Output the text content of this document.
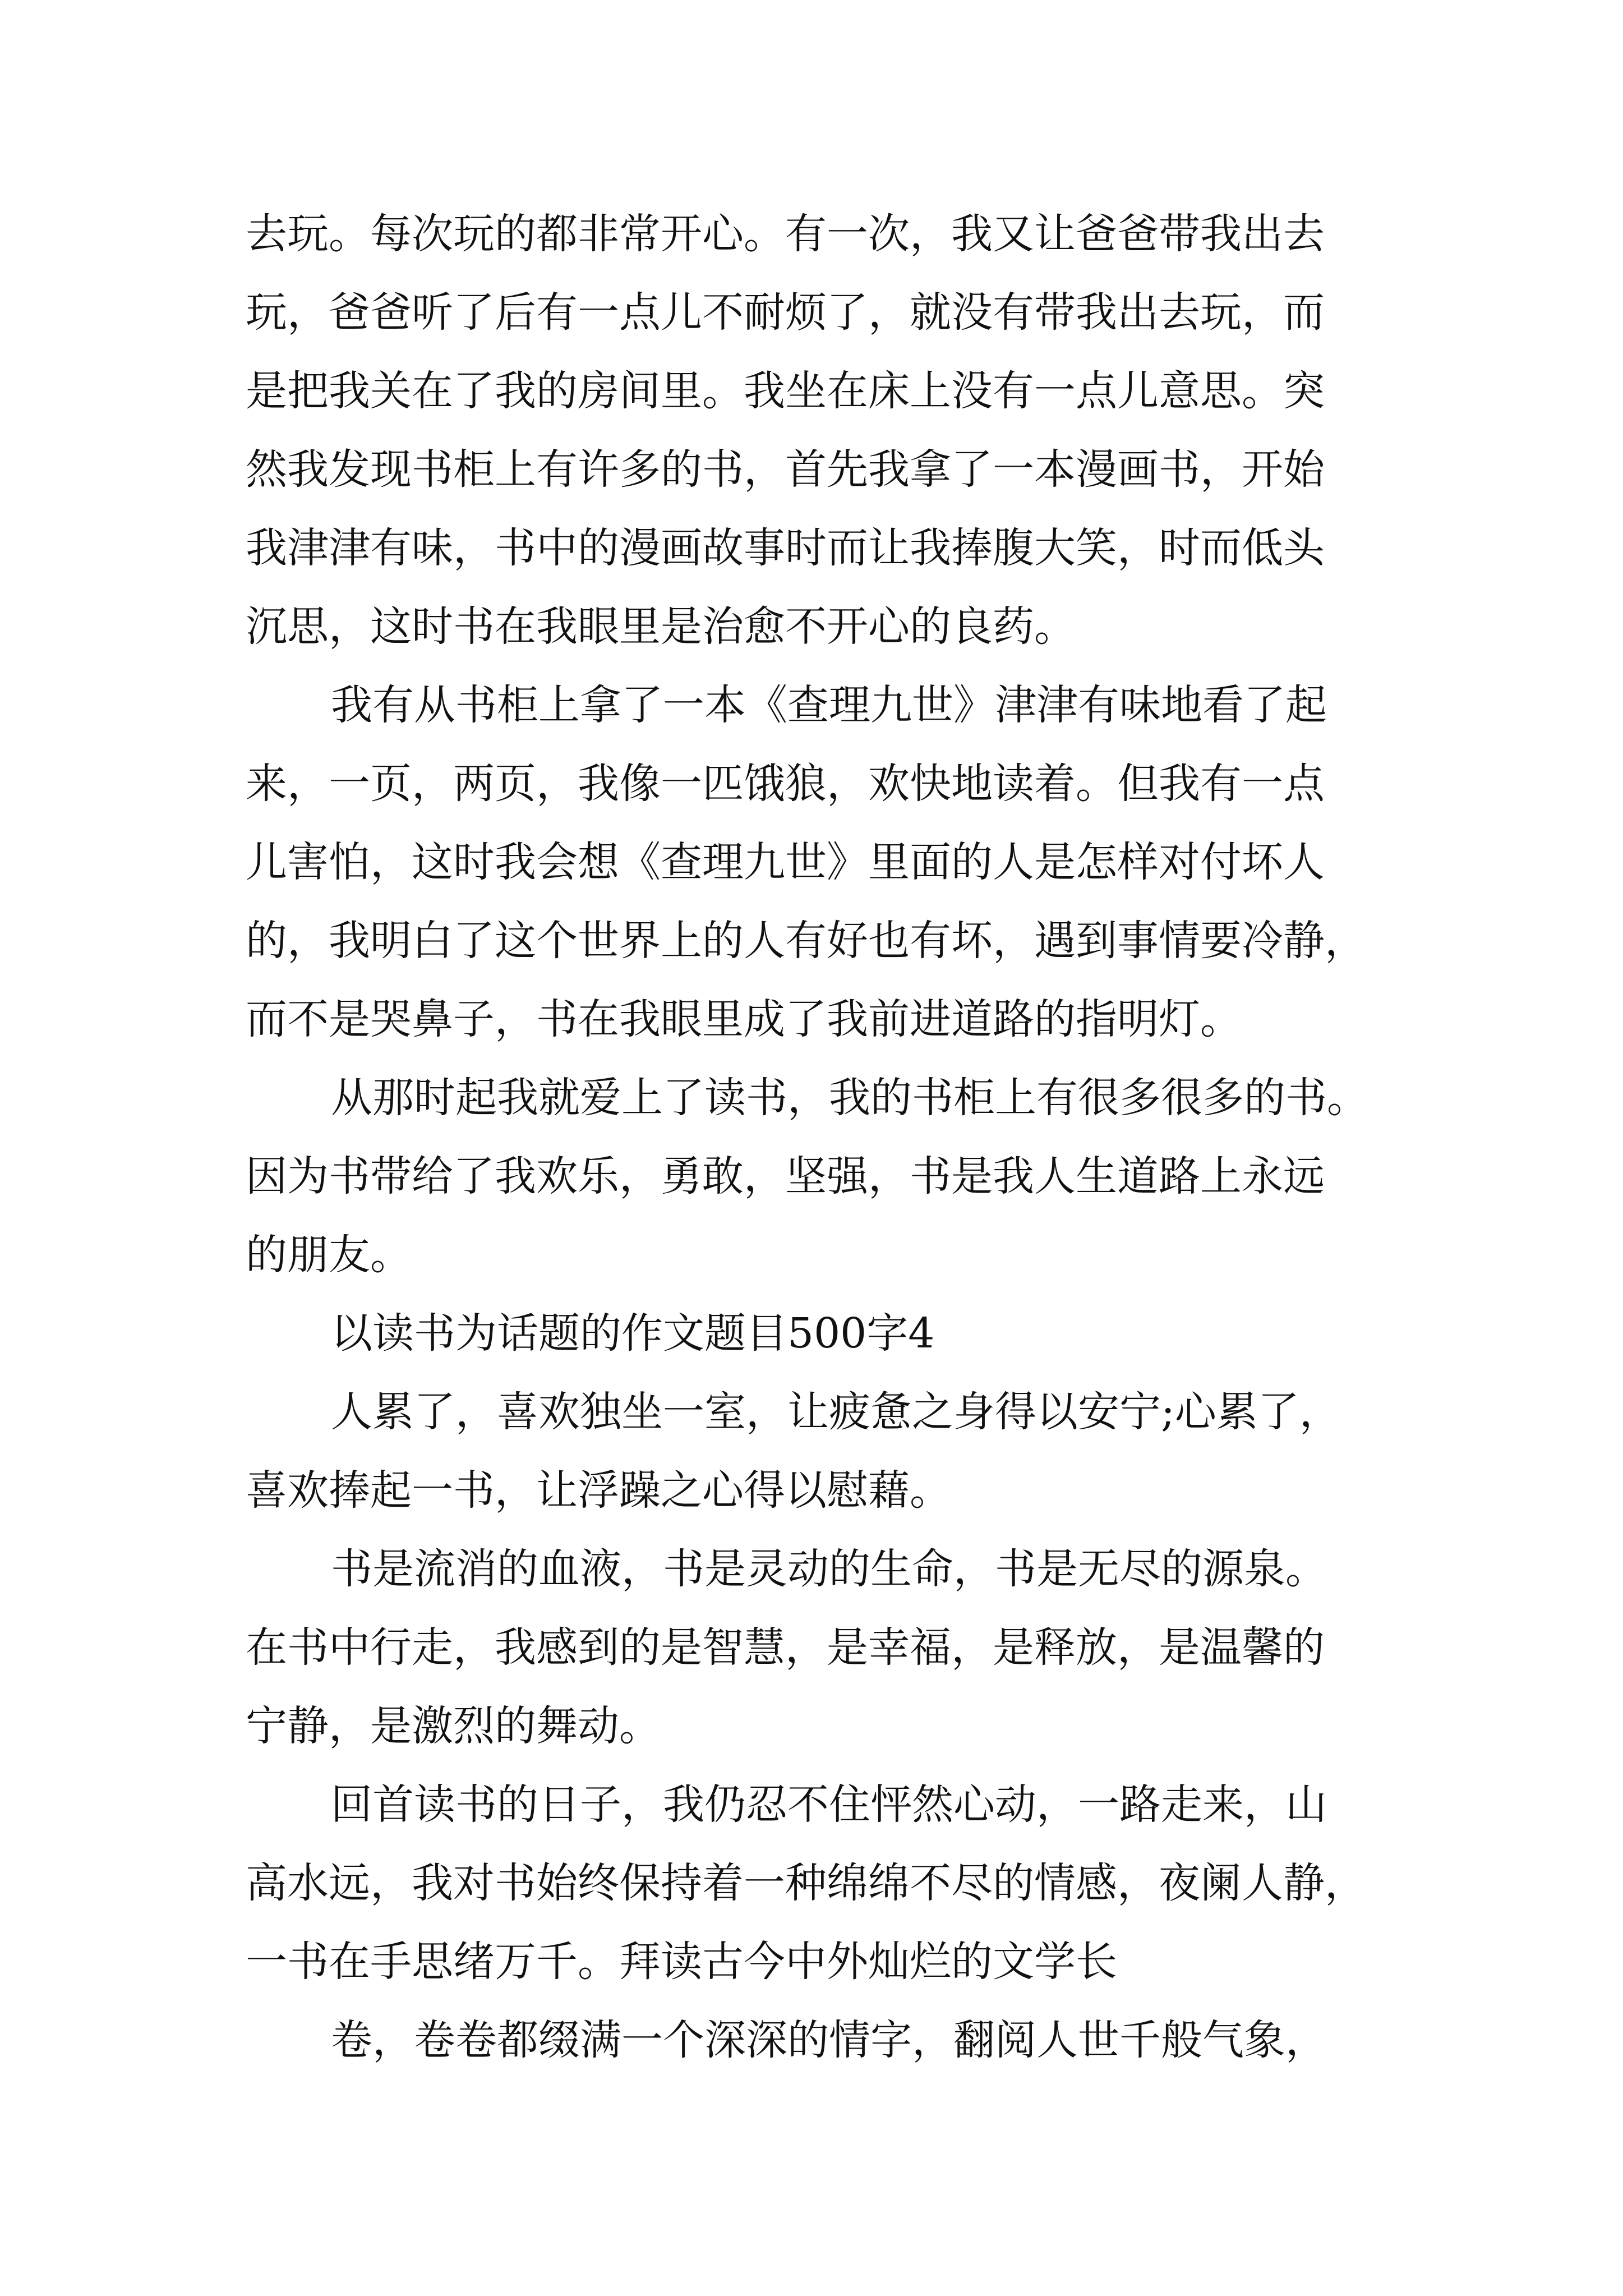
去玩。每次玩的都非常开心。有一次，我又让爸爸带我出去
玩，爸爸听了后有一点儿不耐烦了，就没有带我出去玩，而
是把我关在了我的房间里。我坐在床上没有一点儿意思。突
然我发现书柜上有许多的书，首先我拿了一本漫画书，开始
我津津有味，书中的漫画故事时而让我捧腹大笑，时而低头
沉思，这时书在我眼里是治愈不开心的良药。
我有从书柜上拿了一本《查理九世》津津有味地看了起
来，一页，两页，我像一匹饿狼，欢快地读着。但我有一点
儿害怕，这时我会想《查理九世》里面的人是怎样对付坏人
的，我明白了这个世界上的人有好也有坏，遇到事情要冷静，
而不是哭鼻子，书在我眼里成了我前进道路的指明灯。
从那时起我就爱上了读书，我的书柜上有很多很多的书。
因为书带给了我欢乐，勇敢，坚强，书是我人生道路上永远
的朋友。
以读书为话题的作文题目500字4
人累了，喜欢独坐一室，让疲惫之身得以安宁;心累了，
喜欢捧起一书，让浮躁之心得以慰藉。
书是流消的血液，书是灵动的生命，书是无尽的源泉。
在书中行走，我感到的是智慧，是幸福，是释放，是温馨的
宁静，是激烈的舞动。
回首读书的日子，我仍忍不住怦然心动，一路走来，山
高水远，我对书始终保持着一种绵绵不尽的情感，夜阑人静，
一书在手思绪万千。拜读古今中外灿烂的文学长
卷，卷卷都缀满一个深深的情字，翻阅人世千般气象，
